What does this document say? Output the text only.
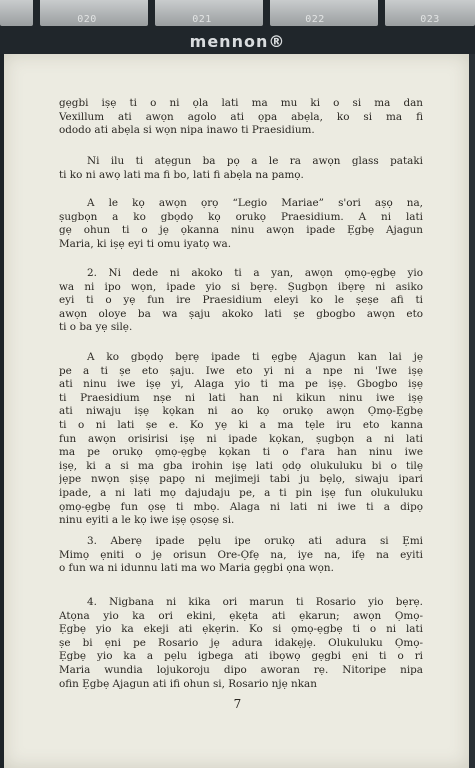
020	021	022	023
mennon®
gẹgbi iṣẹ ti o ni ọla lati ma mu ki o si ma dan
Vexillum ati awọn agolo ati ọpa abẹla, ko si ma fi
ododo ati abẹla si wọn nipa inawo ti Praesidium.
Ni ilu ti atẹgun ba pọ a le ra awọn glass pataki
ti ko ni awọ lati ma fi bo, lati fi abẹla na pamọ.
A le kọ awọn ọrọ “Legio Mariae” s'ori aṣọ na,
ṣugbọn a ko gbọdọ kọ orukọ Praesidium. A ni lati
gẹ ohun ti o jẹ ọkanna ninu awọn ipade Ẹgbẹ Ajagun
Maria, ki iṣẹ eyi ti omu iyatọ wa.
2. Ni dede ni akoko ti a yan, awọn ọmọ-ẹgbẹ yio
wa ni ipo wọn, ipade yio si bẹrẹ. Ṣugbọn ibẹrẹ ni asiko
eyi ti o yẹ fun ire Praesidium eleyi ko le ṣeṣe afi ti
awọn oloye ba wa ṣaju akoko lati ṣe gbogbo awọn eto
ti o ba yẹ silẹ.
A ko gbọdọ bẹrẹ ipade ti ẹgbẹ Ajagun kan lai jẹ
pe a ti ṣe eto ṣaju. Iwe eto yi ni a npe ni 'Iwe iṣẹ
ati ninu iwe iṣẹ yi, Alaga yio ti ma pe iṣẹ. Gbogbo iṣẹ
ti Praesidium nṣe ni lati han ni kikun ninu iwe iṣẹ
ati niwaju iṣẹ kọkan ni ao kọ orukọ awọn Ọmọ-Ẹgbẹ
ti o ni lati ṣe e. Ko yẹ ki a ma tẹle iru eto kanna
fun awọn orisirisi iṣẹ ni ipade kọkan, ṣugbọn a ni lati
ma pe orukọ ọmọ-ẹgbẹ kọkan ti o f'ara han ninu iwe
iṣẹ, ki a si ma gba irohin iṣẹ lati ọdọ olukuluku bi o tilẹ
jẹpe nwọn ṣiṣẹ papọ ni mejimeji tabi ju bẹlọ, siwaju ipari
ipade, a ni lati mọ dajudaju pe, a ti pin iṣẹ fun olukuluku
ọmọ-ẹgbẹ fun ọsẹ ti mbọ. Alaga ni lati ni iwe ti a dipọ
ninu eyiti a le kọ iwe iṣẹ ọsọsẹ si.
3. Aberẹ ipade pẹlu ipe orukọ ati adura si Ẹmi
Mimọ ẹniti o jẹ orisun Ore-Ọfẹ na, iye na, ifẹ na eyiti
o fun wa ni idunnu lati ma wo Maria gẹgbi ọna wọn.
4. Nigbana ni kika ori marun ti Rosario yio bẹrẹ.
Atọna yio ka ori ekini, ẹkẹta ati ẹkarun; awọn Ọmọ-
Ẹgbẹ yio ka ekeji ati ẹkẹrin. Ko si ọmọ-ẹgbẹ ti o ni lati
ṣe bi ẹni pe Rosario jẹ adura idakẹjẹ. Olukuluku Ọmọ-
Ẹgbẹ yio ka a pẹlu igbega ati ibọwọ gẹgbi ẹni ti o ri
Maria wundia lojukoroju dipo aworan rẹ. Nitoripe nipa
ofin Ẹgbẹ Ajagun ati ifi ohun si, Rosario njẹ nkan
7
